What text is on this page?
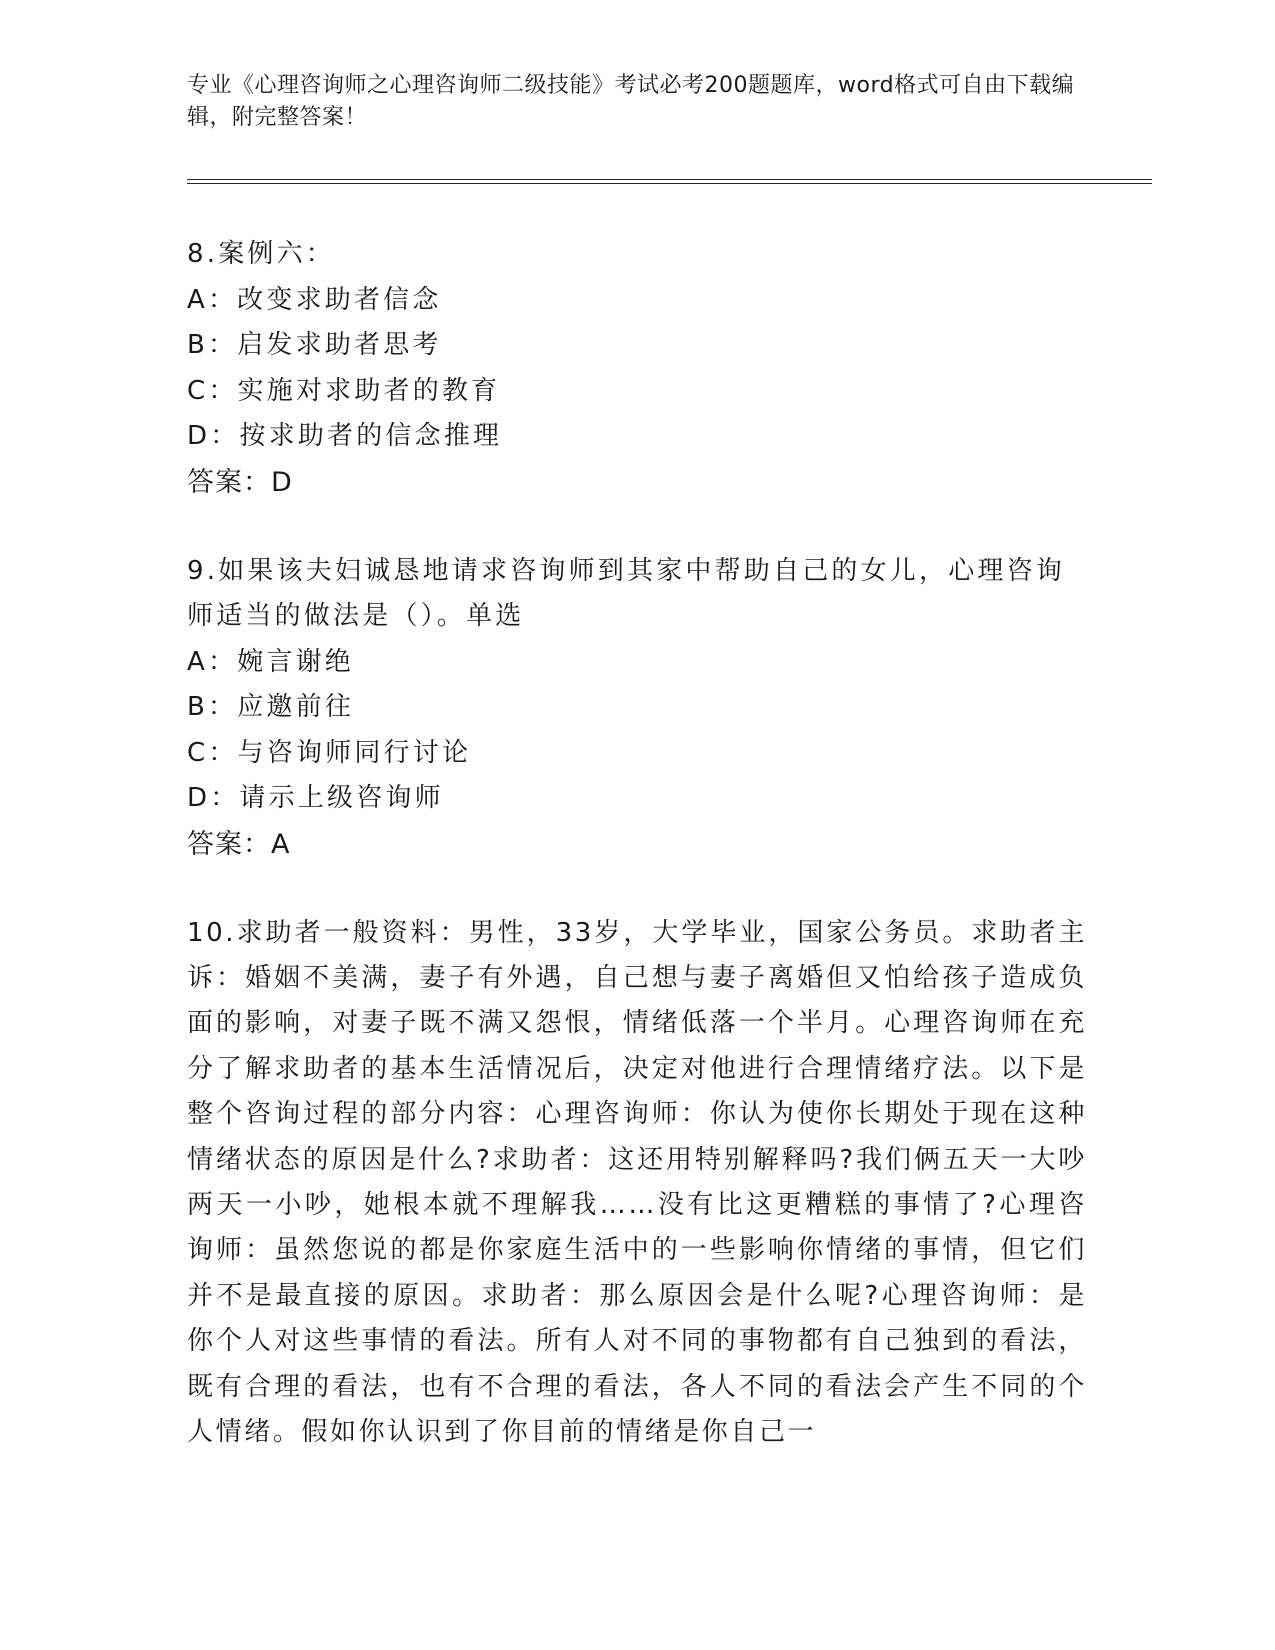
专业《心理咨询师之心理咨询师二级技能》考试必考200题题库，word格式可自由下载编辑，附完整答案！

8.案例六：

A：改变求助者信念

B：启发求助者思考

C：实施对求助者的教育

D：按求助者的信念推理

答案：D

9.如果该夫妇诚恳地请求咨询师到其家中帮助自己的女儿，心理咨询师适当的做法是（）。单选

A：婉言谢绝

B：应邀前往

C：与咨询师同行讨论

D：请示上级咨询师

答案：A

10.求助者一般资料：男性，33岁，大学毕业，国家公务员。求助者主诉：婚姻不美满，妻子有外遇，自己想与妻子离婚但又怕给孩子造成负面的影响，对妻子既不满又怨恨，情绪低落一个半月。心理咨询师在充分了解求助者的基本生活情况后，决定对他进行合理情绪疗法。以下是整个咨询过程的部分内容：心理咨询师：你认为使你长期处于现在这种情绪状态的原因是什么?求助者：这还用特别解释吗?我们俩五天一大吵两天一小吵，她根本就不理解我……没有比这更糟糕的事情了?心理咨询师：虽然您说的都是你家庭生活中的一些影响你情绪的事情，但它们并不是最直接的原因。求助者：那么原因会是什么呢?心理咨询师：是你个人对这些事情的看法。所有人对不同的事物都有自己独到的看法，既有合理的看法，也有不合理的看法，各人不同的看法会产生不同的个人情绪。假如你认识到了你目前的情绪是你自己一
